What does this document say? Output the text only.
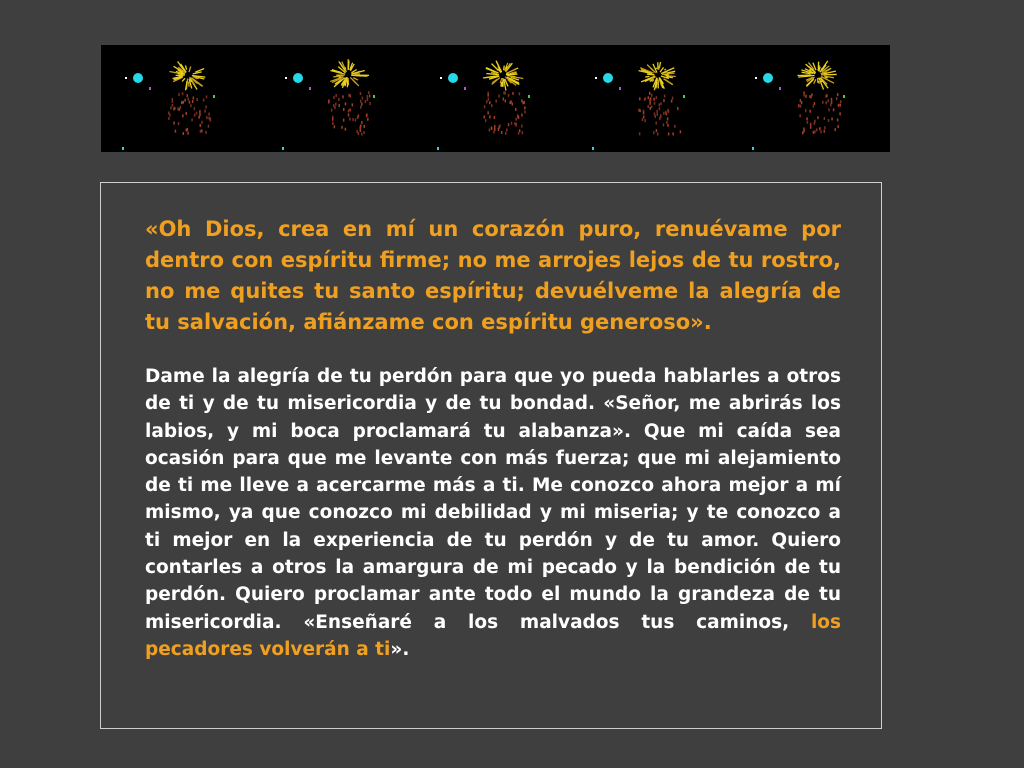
«Oh Dios, crea en mí un corazón puro, renuévame por dentro con espíritu firme; no me arrojes lejos de tu rostro, no me quites tu santo espíritu; devuélveme la alegría de tu salvación, afiánzame con espíritu generoso».

Dame la alegría de tu perdón para que yo pueda hablarles a otros de ti y de tu misericordia y de tu bondad. «Señor, me abrirás los labios, y mi boca proclamará tu alabanza». Que mi caída sea ocasión para que me levante con más fuerza; que mi alejamiento de ti me lleve a acercarme más a ti. Me conozco ahora mejor a mí mismo, ya que conozco mi debilidad y mi miseria; y te conozco a ti mejor en la experiencia de tu perdón y de tu amor. Quiero contarles a otros la amargura de mi pecado y la bendición de tu perdón. Quiero proclamar ante todo el mundo la grandeza de tu misericordia. «Enseñaré a los malvados tus caminos, los pecadores volverán a ti».
